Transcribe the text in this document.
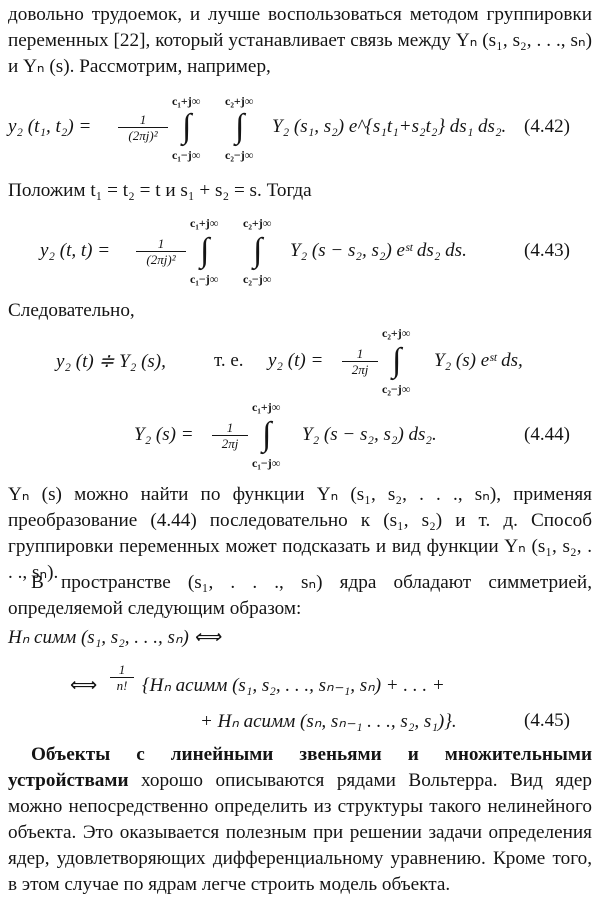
довольно трудоемок, и лучше воспользоваться методом группировки переменных [22], который устанавливает связь между Yₙ (s₁, s₂, . . ., sₙ) и Yₙ (s). Рассмотрим, например,
y₂ (t₁, $t_2) = \frac{1}{\text{(2πj)²}}$
c₁+j∞
∫
c₁−j∞
c₂+j∞
∫
c₂−j∞
Y₂ (s₁, s₂) e^{s₁t₁+s₂t₂} ds₁ ds₂. (4.42)
Положим t₁ = t₂ = t и s₁ + s₂ = s. Тогда
y₂ (t, $t) = \frac{1}{\text{(2πj)²}}$
c₁+j∞
∫
c₁−j∞
c₂+j∞
∫
c₂−j∞
Y₂ (s − s₂, s₂) eˢᵗ ds₂ ds.	(4.43)
Следовательно,
y₂ (t) ≑ Y₂ (s),	т. е. y₂ $(t) = \frac{1}{2\pi j}$
c₂+j∞
∫
c₂−j∞
Y₂ (s) eˢᵗ ds,
Y₂ $(s) = \frac{1}{2\pi j}$
c₁+j∞
∫
c₁−j∞
Y₂ (s − s₂, s₂) ds₂.	(4.44)
Yₙ (s) можно найти по функции Yₙ (s₁, s₂, . . ., sₙ), применяя преобразование (4.44) последовательно к (s₁, s₂) и т. д. Способ группировки переменных может подсказать и вид функции Yₙ (s₁, s₂, . . ., sₙ).
В пространстве (s₁, . . ., sₙ) ядра обладают симметрией, определяемой следующим образом:
Hₙ симм (s₁, s₂, . . ., sₙ) ⟺
⟺ $\frac{1}{n!} \{H_n$ асимм (s₁, s₂, . . ., sₙ₋₁, sₙ) + . . . +
+ Hₙ асимм (sₙ, sₙ₋₁ . . ., s₂, s₁)}.	(4.45)
Объекты с линейными звеньями и множительными устройствами хорошо описываются рядами Вольтерра. Вид ядер можно непосредственно определить из структуры такого нелинейного объекта. Это оказывается полезным при решении задачи определения ядер, удовлетворяющих дифференциальному уравнению. Кроме того, в этом случае по ядрам легче строить модель объекта.
